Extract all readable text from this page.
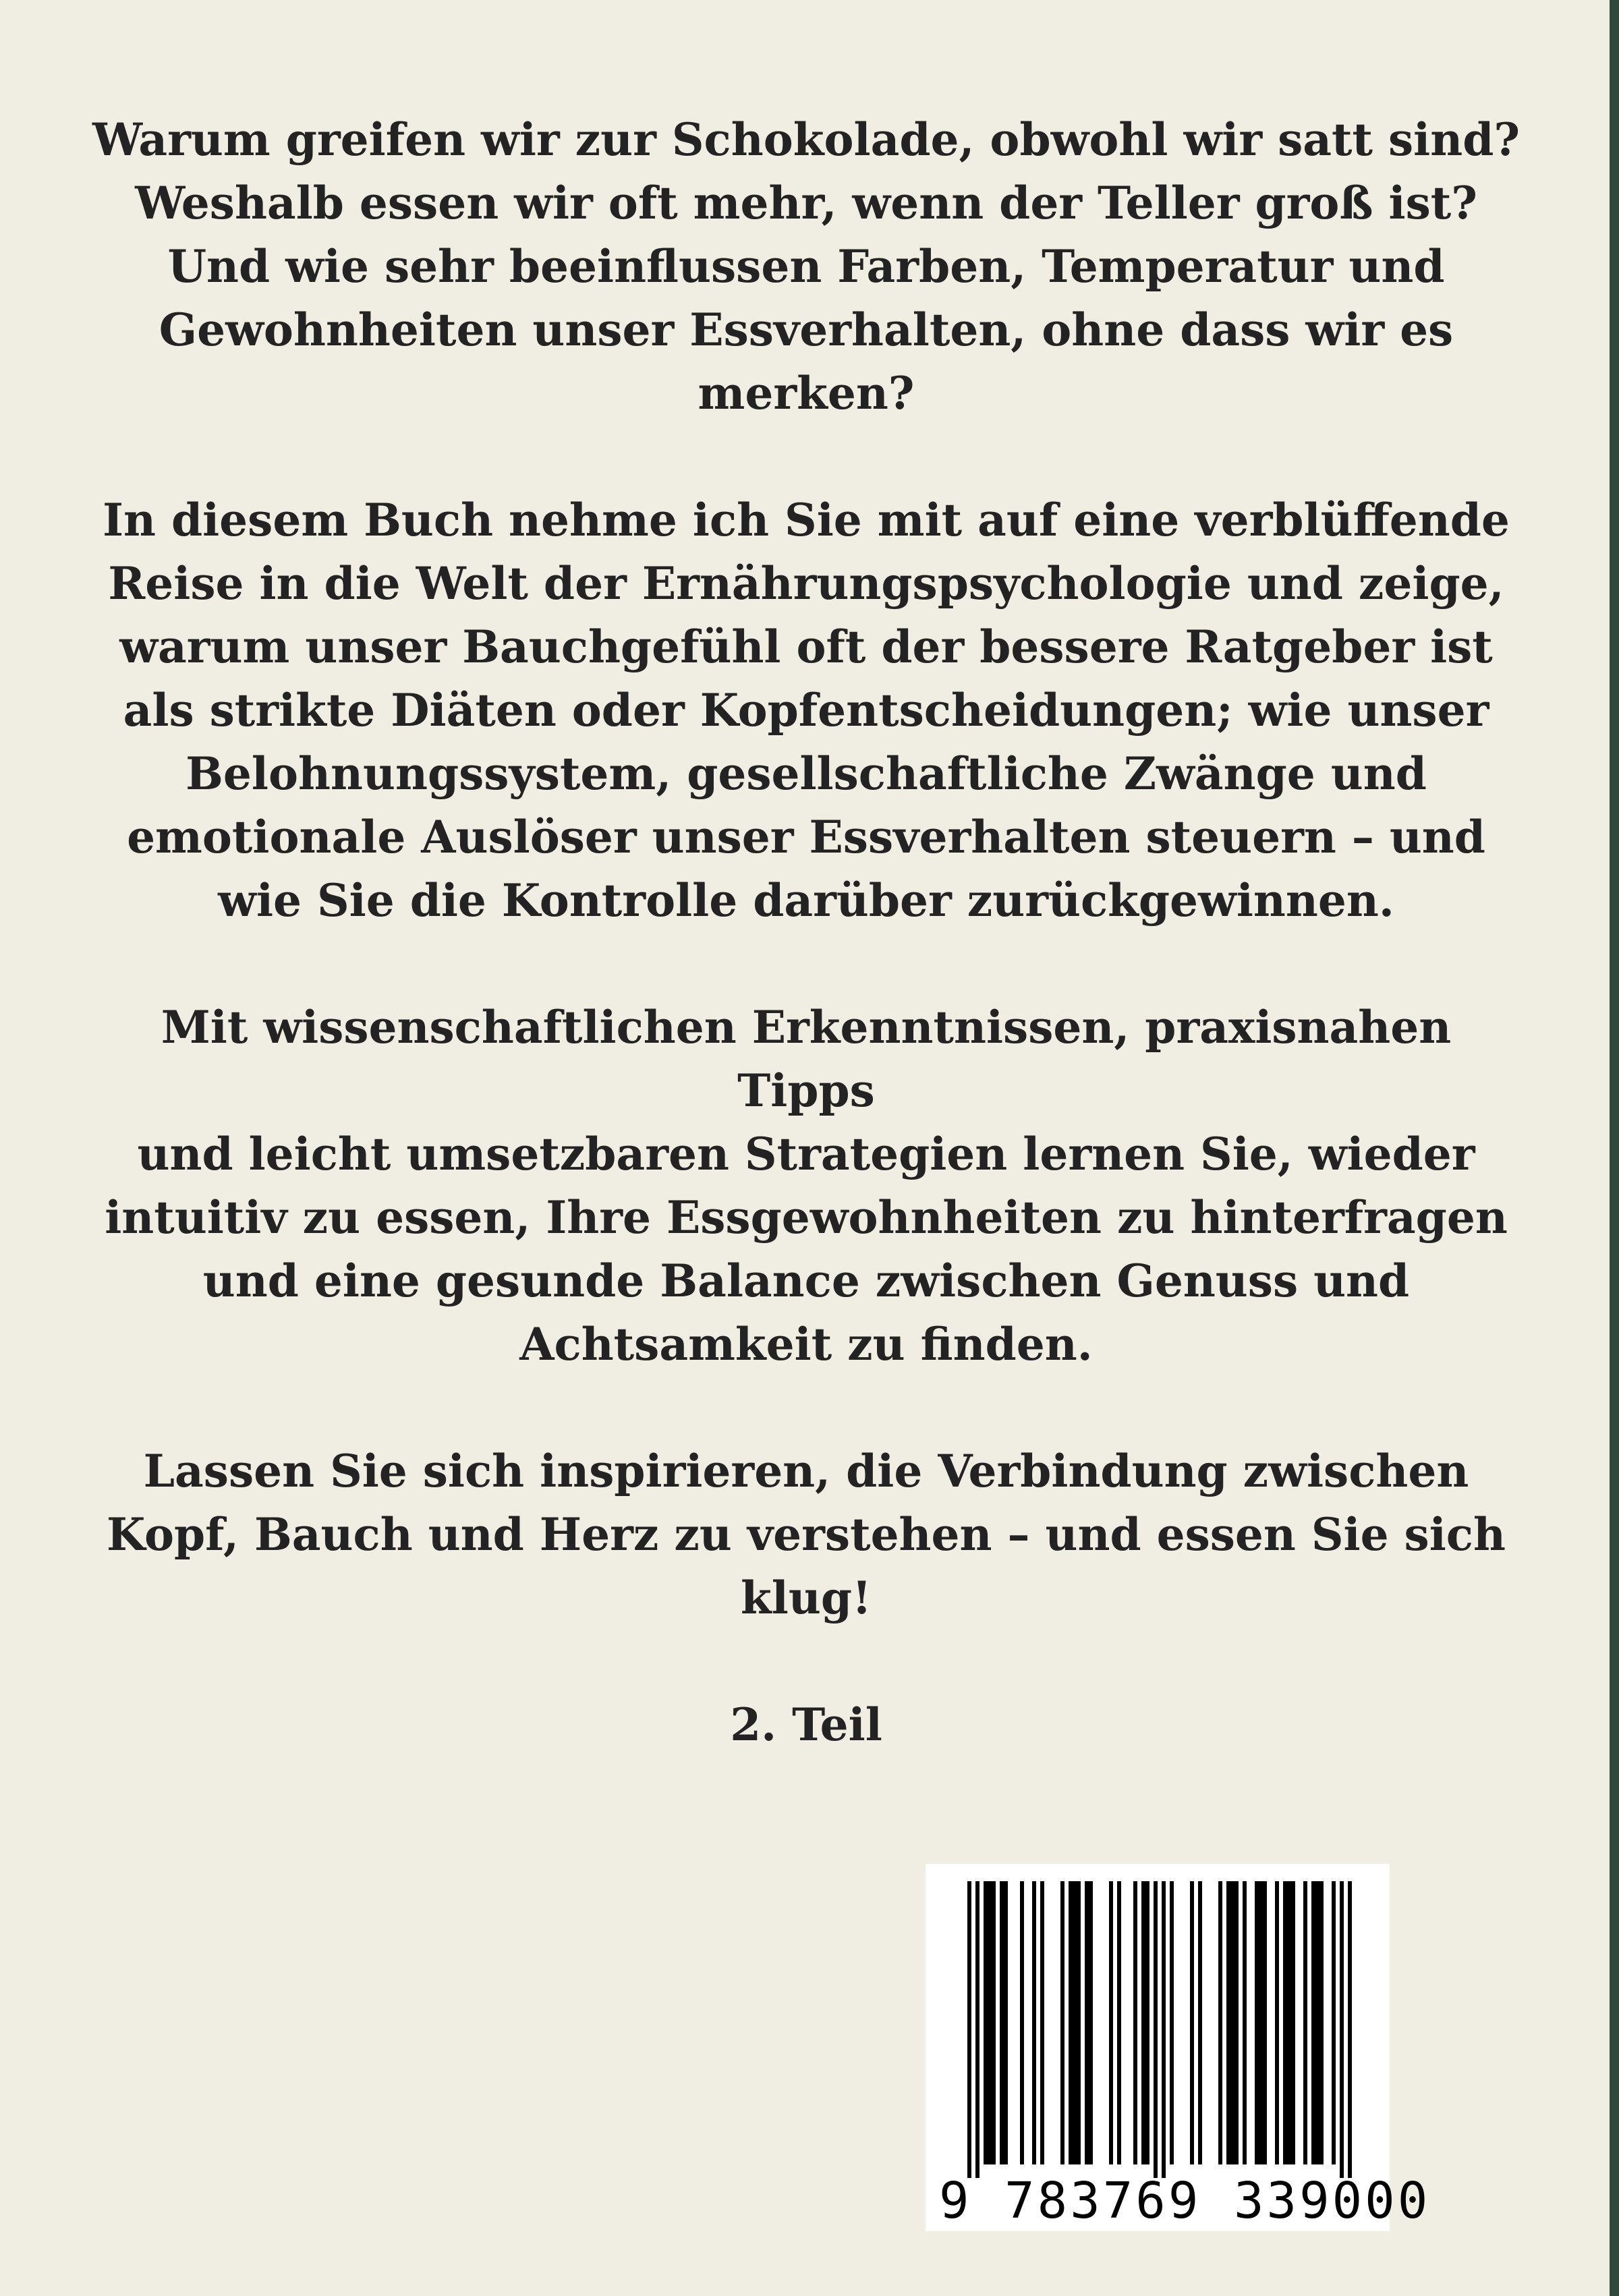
Warum greifen wir zur Schokolade, obwohl wir satt sind?
Weshalb essen wir oft mehr, wenn der Teller groß ist?
Und wie sehr beeinflussen Farben, Temperatur und
Gewohnheiten unser Essverhalten, ohne dass wir es
merken?

In diesem Buch nehme ich Sie mit auf eine verblüffende
Reise in die Welt der Ernährungspsychologie und zeige,
warum unser Bauchgefühl oft der bessere Ratgeber ist
als strikte Diäten oder Kopfentscheidungen; wie unser
Belohnungssystem, gesellschaftliche Zwänge und
emotionale Auslöser unser Essverhalten steuern – und
wie Sie die Kontrolle darüber zurückgewinnen.

Mit wissenschaftlichen Erkenntnissen, praxisnahen Tipps
und leicht umsetzbaren Strategien lernen Sie, wieder
intuitiv zu essen, Ihre Essgewohnheiten zu hinterfragen
und eine gesunde Balance zwischen Genuss und
Achtsamkeit zu finden.

Lassen Sie sich inspirieren, die Verbindung zwischen
Kopf, Bauch und Herz zu verstehen – und essen Sie sich
klug!

2. Teil

9 783769 339000
